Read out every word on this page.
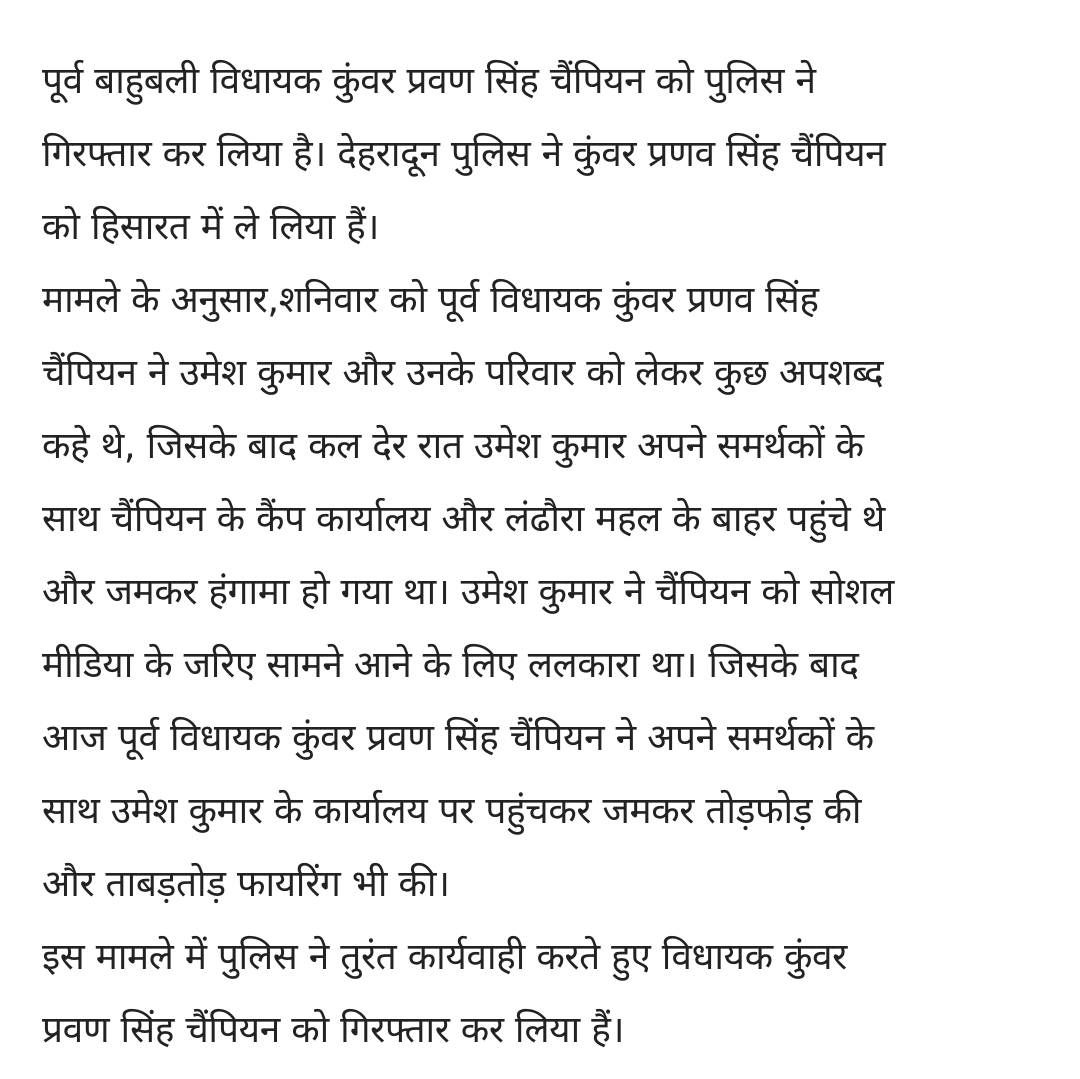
पूर्व बाहुबली विधायक कुंवर प्रवण सिंह चैंपियन को पुलिस ने
गिरफ्तार कर लिया है। देहरादून पुलिस ने कुंवर प्रणव सिंह चैंपियन
को हिसारत में ले लिया हैं।

मामले के अनुसार,शनिवार को पूर्व विधायक कुंवर प्रणव सिंह
चैंपियन ने उमेश कुमार और उनके परिवार को लेकर कुछ अपशब्द
कहे थे, जिसके बाद कल देर रात उमेश कुमार अपने समर्थकों के
साथ चैंपियन के कैंप कार्यालय और लंढौरा महल के बाहर पहुंचे थे
और जमकर हंगामा हो गया था। उमेश कुमार ने चैंपियन को सोशल
मीडिया के जरिए सामने आने के लिए ललकारा था। जिसके बाद
आज पूर्व विधायक कुंवर प्रवण सिंह चैंपियन ने अपने समर्थकों के
साथ उमेश कुमार के कार्यालय पर पहुंचकर जमकर तोड़फोड़ की
और ताबड़तोड़ फायरिंग भी की।

इस मामले में पुलिस ने तुरंत कार्यवाही करते हुए विधायक कुंवर
प्रवण सिंह चैंपियन को गिरफ्तार कर लिया हैं।
